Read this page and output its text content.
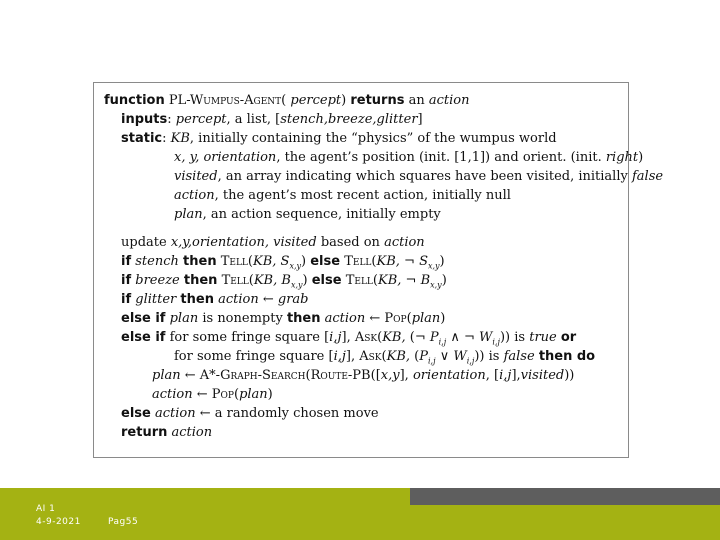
function PL-Wumpus-Agent( percept) returns an action
inputs: percept, a list, [stench,breeze,glitter]
static: KB, initially containing the “physics” of the wumpus world
x, y, orientation, the agent’s position (init. [1,1]) and orient. (init. right)
visited, an array indicating which squares have been visited, initially false
action, the agent’s most recent action, initially null
plan, an action sequence, initially empty
update x,y,orientation, visited based on action
if stench then Tell(KB, $S_{x,y}$) else Tell(KB, ¬ $S_{x,y}$)
if breeze then Tell(KB, $B_{x,y}$) else Tell(KB, ¬ $B_{x,y}$)
if glitter then action ← grab
else if plan is nonempty then action ← Pop(plan)
else if for some fringe square [i,j], Ask(KB, (¬ $P_{i,j}$ ∧ ¬ $W_{i,j}$)) is true or
for some fringe square [i,j], Ask(KB, ($P_{i,j}$ ∨ $W_{i,j}$)) is false then do
plan ← A*-Graph-Search(Route-PB([x,y], orientation, [i,j],visited))
action ← Pop(plan)
else action ← a randomly chosen move
return action
AI 1
4-9-2021	Pag55
